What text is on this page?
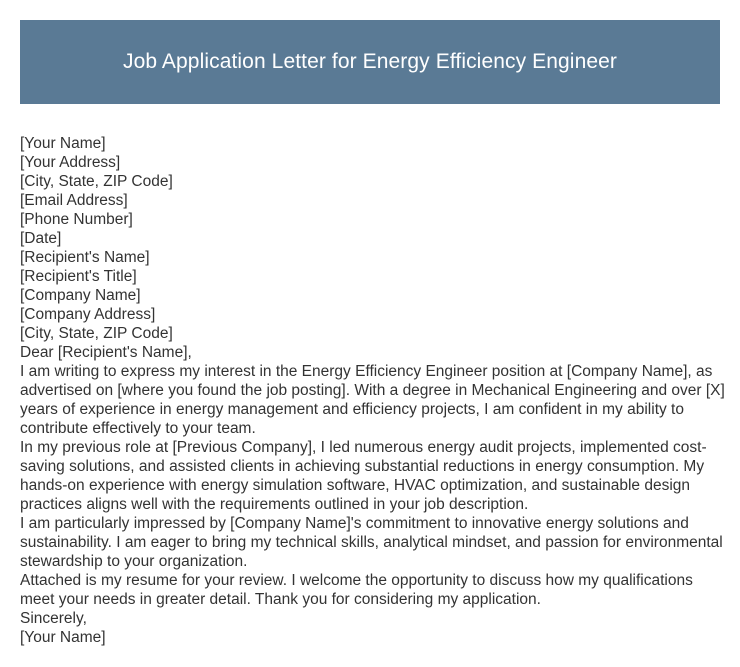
Job Application Letter for Energy Efficiency Engineer

[Your Name]

[Your Address]

[City, State, ZIP Code]

[Email Address]

[Phone Number]

[Date]

[Recipient's Name]

[Recipient's Title]

[Company Name]

[Company Address]

[City, State, ZIP Code]

Dear [Recipient's Name],

I am writing to express my interest in the Energy Efficiency Engineer position at [Company Name], as advertised on [where you found the job posting]. With a degree in Mechanical Engineering and over [X] years of experience in energy management and efficiency projects, I am confident in my ability to contribute effectively to your team.

In my previous role at [Previous Company], I led numerous energy audit projects, implemented cost-saving solutions, and assisted clients in achieving substantial reductions in energy consumption. My hands-on experience with energy simulation software, HVAC optimization, and sustainable design practices aligns well with the requirements outlined in your job description.

I am particularly impressed by [Company Name]'s commitment to innovative energy solutions and sustainability. I am eager to bring my technical skills, analytical mindset, and passion for environmental stewardship to your organization.

Attached is my resume for your review. I welcome the opportunity to discuss how my qualifications meet your needs in greater detail. Thank you for considering my application.

Sincerely,

[Your Name]
